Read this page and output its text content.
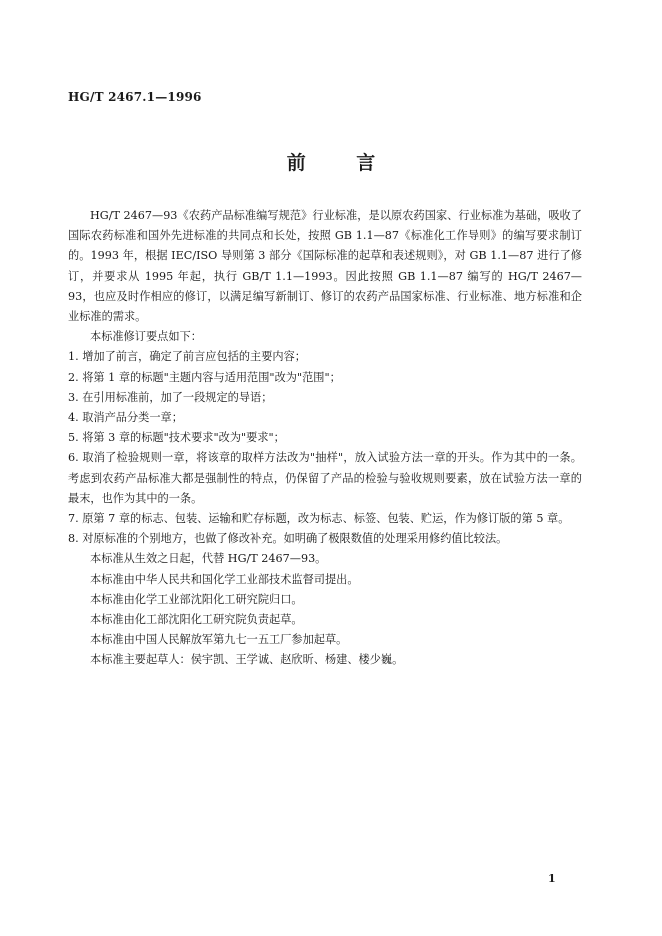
HG/T 2467.1—1996
前 言

HG/T 2467—93《农药产品标准编写规范》行业标准，是以原农药国家、行业标准为基础，吸收了国际农药标准和国外先进标准的共同点和长处，按照 GB 1.1—87《标准化工作导则》的编写要求制订的。1993 年，根据 IEC/ISO 导则第 3 部分《国际标准的起草和表述规则》，对 GB 1.1—87 进行了修订，并要求从 1995 年起，执行 GB/T 1.1—1993。因此按照 GB 1.1—87 编写的 HG/T 2467—93，也应及时作相应的修订，以满足编写新制订、修订的农药产品国家标准、行业标准、地方标准和企业标准的需求。

本标准修订要点如下：

1. 增加了前言，确定了前言应包括的主要内容；

2. 将第 1 章的标题"主题内容与适用范围"改为"范围"；

3. 在引用标准前，加了一段规定的导语；

4. 取消产品分类一章；

5. 将第 3 章的标题"技术要求"改为"要求"；

6. 取消了检验规则一章，将该章的取样方法改为"抽样"，放入试验方法一章的开头。作为其中的一条。考虑到农药产品标准大都是强制性的特点，仍保留了产品的检验与验收规则要素，放在试验方法一章的最末，也作为其中的一条。

7. 原第 7 章的标志、包装、运输和贮存标题，改为标志、标签、包装、贮运，作为修订版的第 5 章。

8. 对原标准的个别地方，也做了修改补充。如明确了极限数值的处理采用修约值比较法。

本标准从生效之日起，代替 HG/T 2467—93。

本标准由中华人民共和国化学工业部技术监督司提出。

本标准由化学工业部沈阳化工研究院归口。

本标准由化工部沈阳化工研究院负责起草。

本标准由中国人民解放军第九七一五工厂参加起草。

本标准主要起草人：侯宇凯、王学诚、赵欣昕、杨建、楼少巍。

1
